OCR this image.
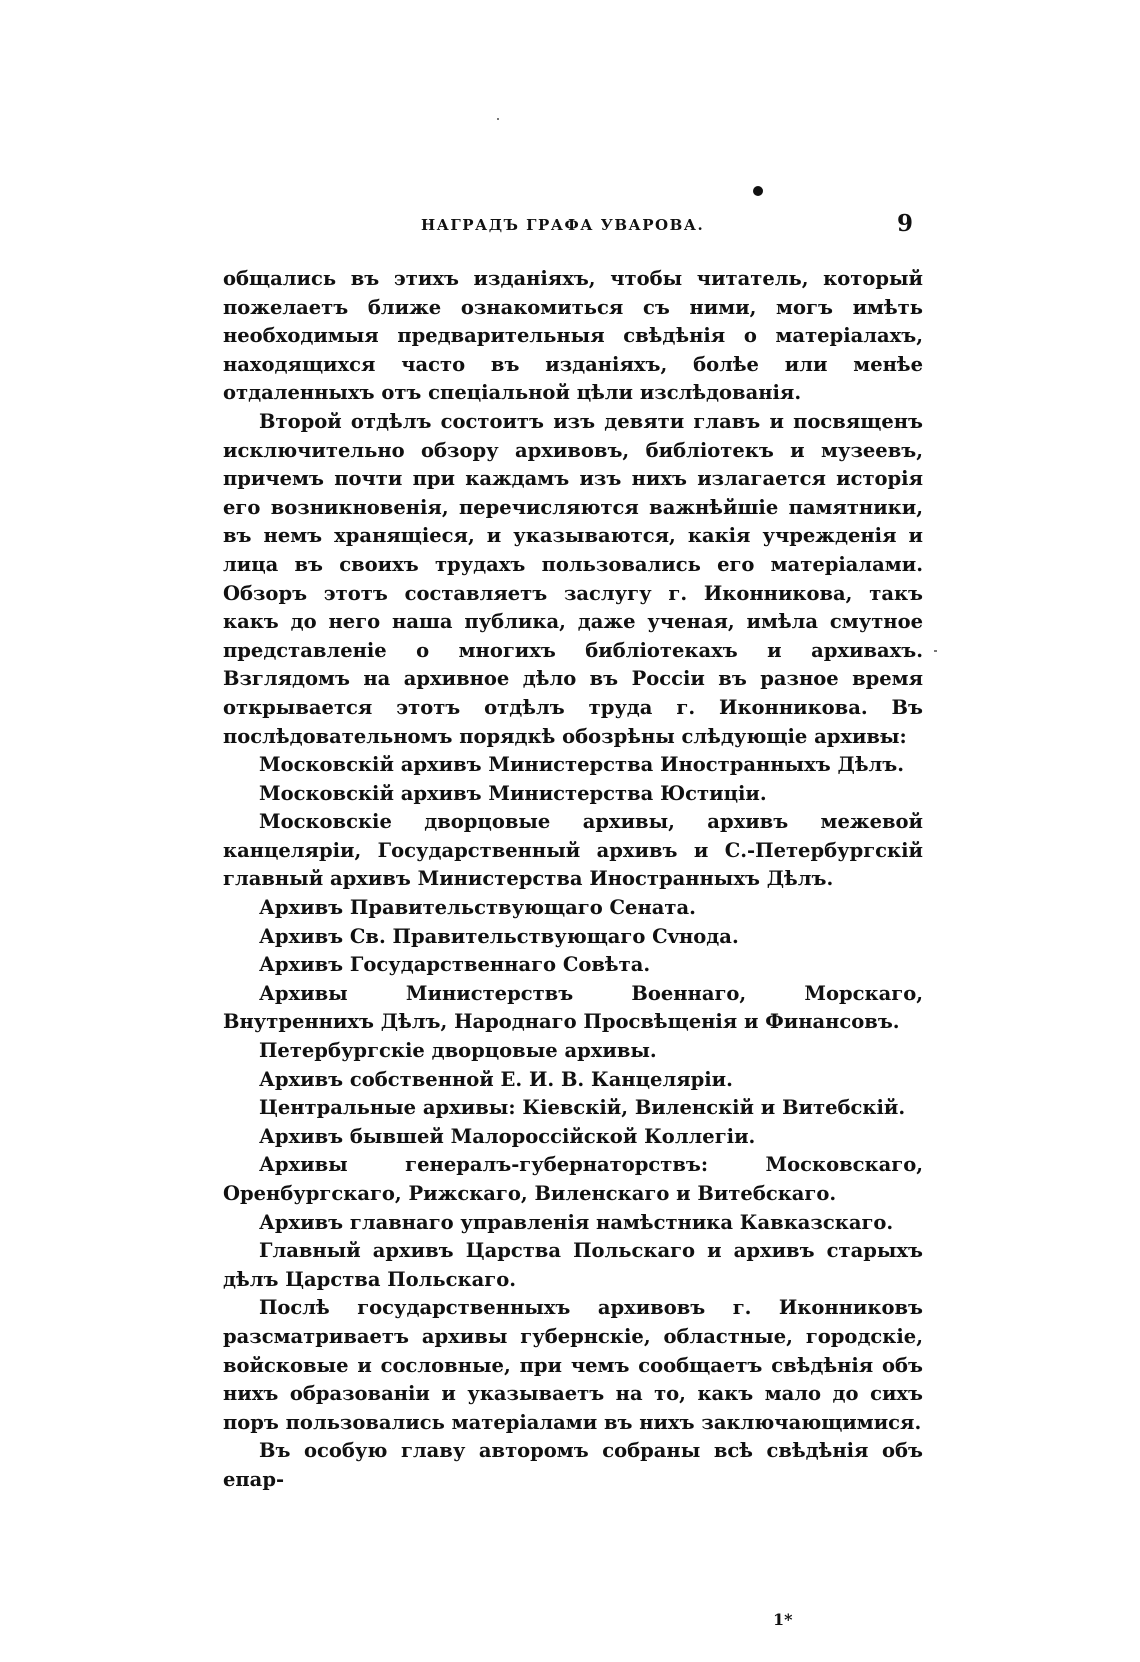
НАГРАДЪ ГРАФА УВАРОВА.	9

общались въ этихъ изданіяхъ, чтобы читатель, который пожелаетъ ближе ознакомиться съ ними, могъ имѣть необходимыя предварительныя свѣдѣнія о матеріалахъ, находящихся часто въ изданіяхъ, болѣе или менѣе отдаленныхъ отъ спеціальной цѣли изслѣдованія.

Второй отдѣлъ состоитъ изъ девяти главъ и посвященъ исключительно обзору архивовъ, библіотекъ и музеевъ, причемъ почти при каждамъ изъ нихъ излагается исторія его возникновенія, перечисляются важнѣйшіе памятники, въ немъ хранящіеся, и указываются, какія учрежденія и лица въ своихъ трудахъ пользовались его матеріалами. Обзоръ этотъ составляетъ заслугу г. Иконникова, такъ какъ до него наша публика, даже ученая, имѣла смутное представленіе о многихъ библіотекахъ и архивахъ. Взглядомъ на архивное дѣло въ Россіи въ разное время открывается этотъ отдѣлъ труда г. Иконникова. Въ послѣдовательномъ порядкѣ обозрѣны слѣдующіе архивы:

Московскій архивъ Министерства Иностранныхъ Дѣлъ.

Московскій архивъ Министерства Юстиціи.

Московскіе дворцовые архивы, архивъ межевой канцеляріи, Государственный архивъ и С.-Петербургскій главный архивъ Министерства Иностранныхъ Дѣлъ.

Архивъ Правительствующаго Сената.

Архивъ Св. Правительствующаго Сvнода.

Архивъ Государственнаго Совѣта.

Архивы Министерствъ Военнаго, Морскаго, Внутреннихъ Дѣлъ, Народнаго Просвѣщенія и Финансовъ.

Петербургскіе дворцовые архивы.

Архивъ собственной Е. И. В. Канцеляріи.

Центральные архивы: Кіевскій, Виленскій и Витебскій.

Архивъ бывшей Малороссійской Коллегіи.

Архивы генералъ-губернаторствъ: Московскаго, Оренбургскаго, Рижскаго, Виленскаго и Витебскаго.

Архивъ главнаго управленія намѣстника Кавказскаго.

Главный архивъ Царства Польскаго и архивъ старыхъ дѣлъ Царства Польскаго.

Послѣ государственныхъ архивовъ г. Иконниковъ разсматриваетъ архивы губернскіе, областные, городскіе, войсковые и сословные, при чемъ сообщаетъ свѣдѣнія объ нихъ образованіи и указываетъ на то, какъ мало до сихъ поръ пользовались матеріалами въ нихъ заключающимися.

Въ особую главу авторомъ собраны всѣ свѣдѣнія объ епар-

1*
